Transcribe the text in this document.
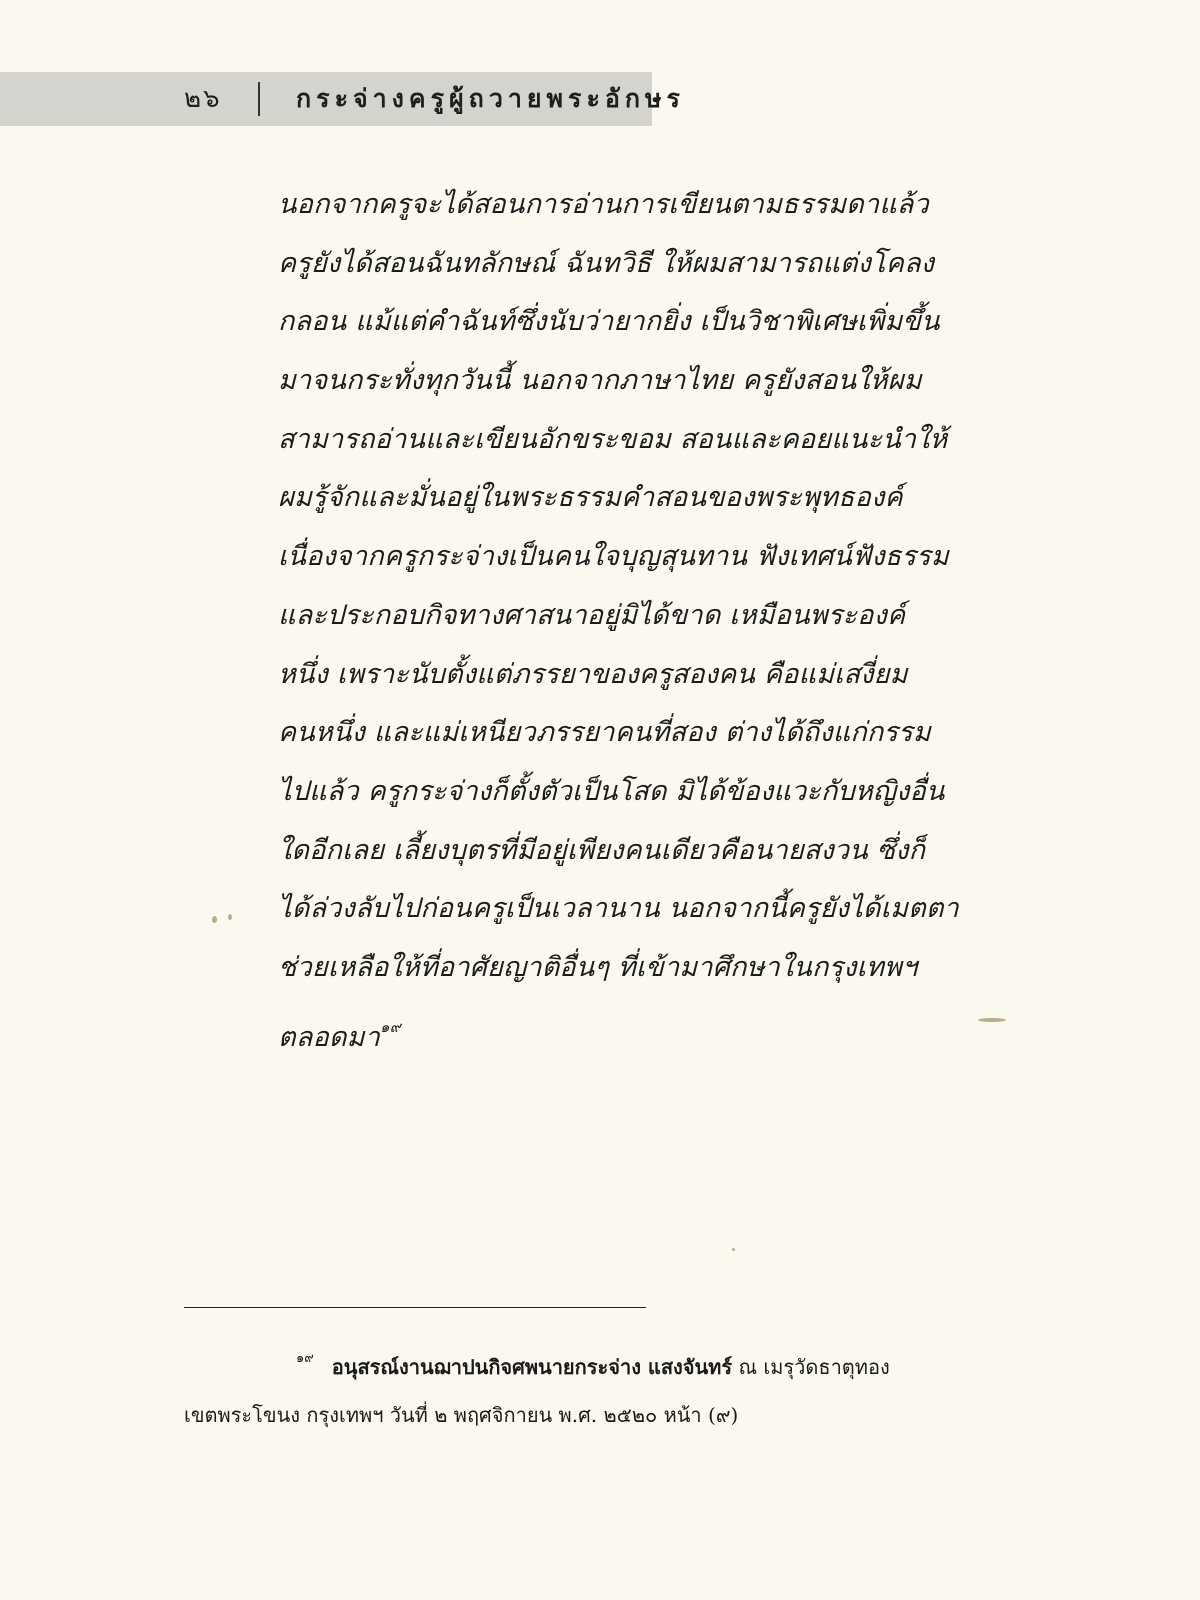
๒๖	กระจ่างครูผู้ถวายพระอักษร
นอกจากครูจะได้สอนการอ่านการเขียนตามธรรมดาแล้ว
ครูยังได้สอนฉันทลักษณ์ ฉันทวิธี ให้ผมสามารถแต่งโคลง
กลอน แม้แต่คำฉันท์ซึ่งนับว่ายากยิ่ง เป็นวิชาพิเศษเพิ่มขึ้น
มาจนกระทั่งทุกวันนี้ นอกจากภาษาไทย ครูยังสอนให้ผม
สามารถอ่านและเขียนอักขระขอม สอนและคอยแนะนำให้
ผมรู้จักและมั่นอยู่ในพระธรรมคำสอนของพระพุทธองค์
เนื่องจากครูกระจ่างเป็นคนใจบุญสุนทาน ฟังเทศน์ฟังธรรม
และประกอบกิจทางศาสนาอยู่มิได้ขาด เหมือนพระองค์
หนึ่ง เพราะนับตั้งแต่ภรรยาของครูสองคน คือแม่เสงี่ยม
คนหนึ่ง และแม่เหนียวภรรยาคนที่สอง ต่างได้ถึงแก่กรรม
ไปแล้ว ครูกระจ่างก็ตั้งตัวเป็นโสด มิได้ข้องแวะกับหญิงอื่น
ใดอีกเลย เลี้ยงบุตรที่มีอยู่เพียงคนเดียวคือนายสงวน ซึ่งก็
ได้ล่วงลับไปก่อนครูเป็นเวลานาน นอกจากนี้ครูยังได้เมตตา
ช่วยเหลือให้ที่อาศัยญาติอื่นๆ ที่เข้ามาศึกษาในกรุงเทพฯ
ตลอดมา$^{๑๙}$
$^{๑๙}$ อนุสรณ์งานฌาปนกิจศพนายกระจ่าง แสงจันทร์ ณ เมรุวัดธาตุทอง
เขตพระโขนง กรุงเทพฯ วันที่ ๒ พฤศจิกายน พ.ศ. ๒๕๒๐ หน้า (๙)
